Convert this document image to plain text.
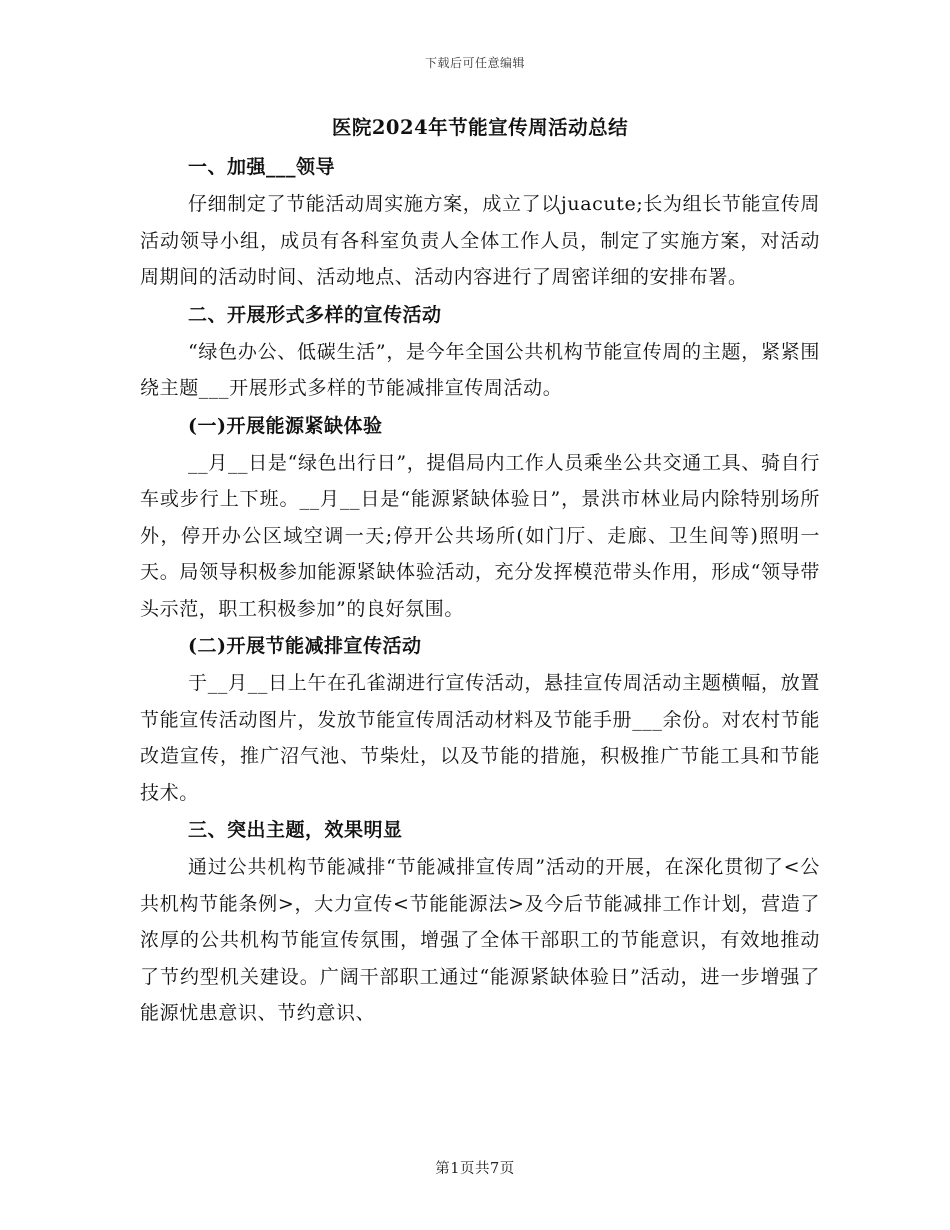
下载后可任意编辑
医院2024年节能宣传周活动总结

一、加强___领导

仔细制定了节能活动周实施方案，成立了以juacute;长为组长节能宣传周活动领导小组，成员有各科室负责人全体工作人员，制定了实施方案，对活动周期间的活动时间、活动地点、活动内容进行了周密详细的安排布署。

二、开展形式多样的宣传活动

“绿色办公、低碳生活”，是今年全国公共机构节能宣传周的主题，紧紧围绕主题___开展形式多样的节能减排宣传周活动。

(一)开展能源紧缺体验

__月__日是“绿色出行日”，提倡局内工作人员乘坐公共交通工具、骑自行车或步行上下班。__月__日是“能源紧缺体验日”，景洪市林业局内除特别场所外，停开办公区域空调一天;停开公共场所(如门厅、走廊、卫生间等)照明一天。局领导积极参加能源紧缺体验活动，充分发挥模范带头作用，形成“领导带头示范，职工积极参加”的良好氛围。

(二)开展节能减排宣传活动

于__月__日上午在孔雀湖进行宣传活动，悬挂宣传周活动主题横幅，放置节能宣传活动图片，发放节能宣传周活动材料及节能手册___余份。对农村节能改造宣传，推广沼气池、节柴灶，以及节能的措施，积极推广节能工具和节能技术。

三、突出主题，效果明显

通过公共机构节能减排“节能减排宣传周”活动的开展，在深化贯彻了<公共机构节能条例>，大力宣传<节能能源法>及今后节能减排工作计划，营造了浓厚的公共机构节能宣传氛围，增强了全体干部职工的节能意识，有效地推动了节约型机关建设。广阔干部职工通过“能源紧缺体验日”活动，进一步增强了能源忧患意识、节约意识、

第1页共7页
